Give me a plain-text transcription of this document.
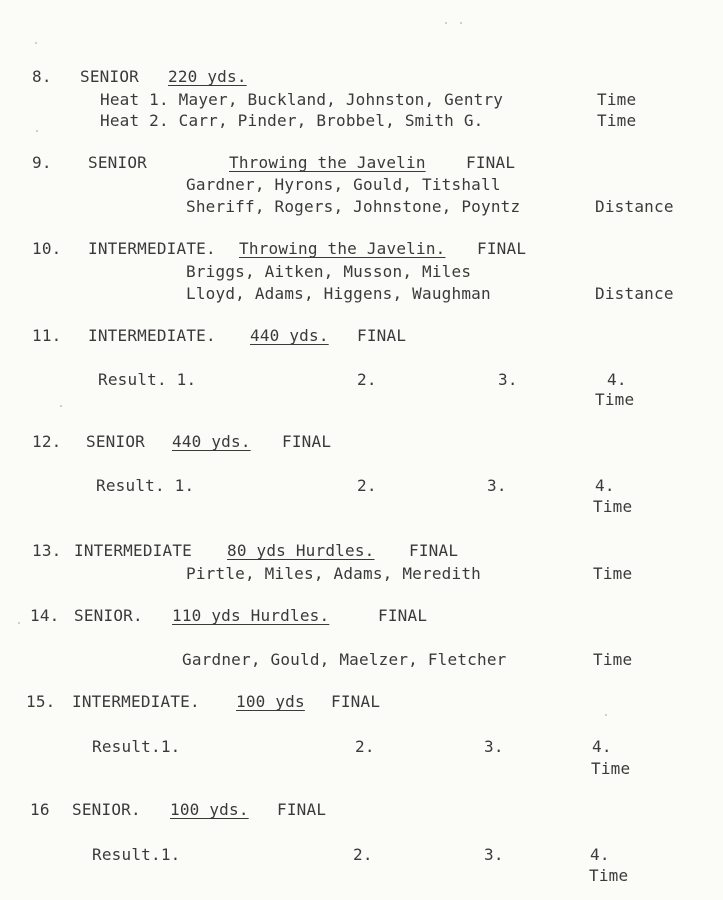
8. SENIOR 220 yds.
Heat 1. Mayer, Buckland, Johnston, Gentry	Time
Heat 2. Carr, Pinder, Brobbel, Smith G.	Time
9. SENIOR	Throwing the Javelin	FINAL
Gardner, Hyrons, Gould, Titshall
Sheriff, Rogers, Johnstone, Poyntz	Distance
10. INTERMEDIATE. Throwing the Javelin. FINAL
Briggs, Aitken, Musson, Miles
Lloyd, Adams, Higgens, Waughman	Distance
11. INTERMEDIATE. 440 yds. FINAL
Result. 1.	2.	3.	4.
Time
12. SENIOR 440 yds. FINAL
Result. 1.	2.	3.	4.
Time
13. INTERMEDIATE 80 yds Hurdles. FINAL
Pirtle, Miles, Adams, Meredith	Time
14. SENIOR. 110 yds Hurdles.	FINAL
Gardner, Gould, Maelzer, Fletcher	Time
15. INTERMEDIATE. 100 yds FINAL
Result.1.	2.	3.	4.
Time
16 SENIOR. 100 yds. FINAL
Result.1.	2.	3.	4.
Time
